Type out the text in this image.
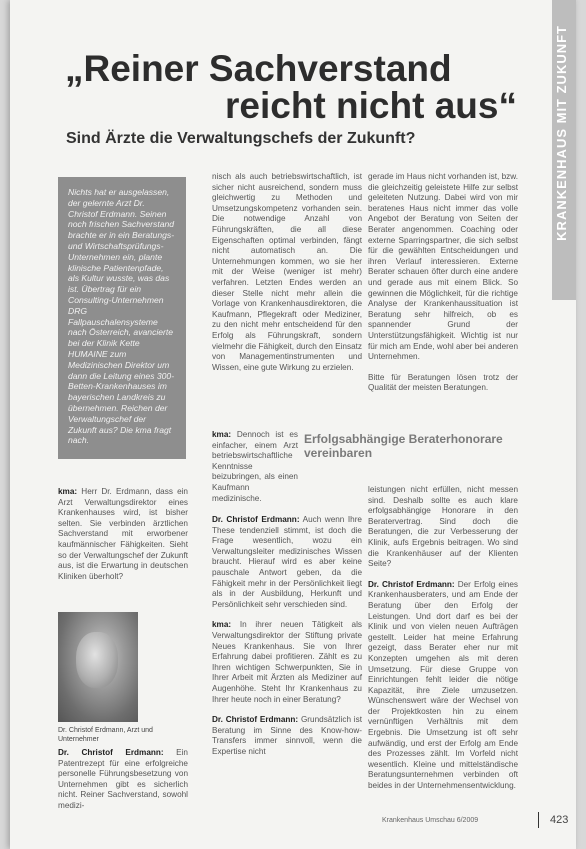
KRANKENHAUS MIT ZUKUNFT
„Reiner Sachverstand
reicht nicht aus“
Sind Ärzte die Verwaltungschefs der Zukunft?
Nichts hat er ausgelassen, der gelernte Arzt Dr. Christof Erdmann. Seinen noch frischen Sachverstand brachte er in ein Beratungs- und Wirtschaftsprüfungs-Unternehmen ein, plante klinische Patientenpfade, als Kultur wusste, was das ist. Übertrag für ein Consulting-Unternehmen DRG Fallpauschalensysteme nach Österreich, avancierte bei der Klinik Kette HUMAINE zum Medizinischen Direktor um dann die Leitung eines 300-Betten-Krankenhauses im bayerischen Landkreis zu übernehmen. Reichen der Verwaltungschef der Zukunft aus? Die kma fragt nach.

kma: Herr Dr. Erdmann, dass ein Arzt Verwaltungsdirektor eines Krankenhauses wird, ist bisher selten. Sie verbinden ärztlichen Sachverstand mit erworbener kaufmännischer Fähigkeiten. Sieht so der Verwaltungschef der Zukunft aus, ist die Erwartung in deutschen Kliniken überholt?

Dr. Christof Erdmann, Arzt und Unternehmer

Dr. Christof Erdmann: Ein Patentrezept für eine erfolgreiche personelle Führungsbesetzung von Unternehmen gibt es sicherlich nicht. Reiner Sachverstand, sowohl medizi-

nisch als auch betriebswirtschaftlich, ist sicher nicht ausreichend, sondern muss gleichwertig zu Methoden und Umsetzungskompetenz vorhanden sein. Die notwendige Anzahl von Führungskräften, die all diese Eigenschaften optimal verbinden, fängt nicht automatisch an. Die Unternehmungen kommen, wo sie her mit der Weise (weniger ist mehr) verfahren. Letzten Endes werden an dieser Stelle nicht mehr allein die Vorlage von Krankenhausdirektoren, die Kaufmann, Pflegekraft oder Mediziner, zu den nicht mehr entscheidend für den Erfolg als Führungskraft, sondern vielmehr die Fähigkeit, durch den Einsatz von Managementinstrumenten und Wissen, eine gute Wirkung zu erzielen.

kma: Dennoch ist es einfacher, einem Arzt betriebswirtschaftliche Kenntnisse beizubringen, als einen Kaufmann medizinische.

Dr. Christof Erdmann: Auch wenn Ihre These tendenziell stimmt, ist doch die Frage wesentlich, wozu ein Verwaltungsleiter medizinisches Wissen braucht. Hierauf wird es aber keine pauschale Antwort geben, da die Fähigkeit mehr in der Persönlichkeit liegt als in der Ausbildung, Herkunft und Persönlichkeit sehr verschieden sind.

kma: In ihrer neuen Tätigkeit als Verwaltungsdirektor der Stiftung private Neues Krankenhaus. Sie von Ihrer Erfahrung dabei profitieren. Zählt es zu Ihren wichtigen Schwerpunkten, Sie in Ihrer Arbeit mit Ärzten als Mediziner auf Augenhöhe. Steht Ihr Krankenhaus zu Ihrer heute noch in einer Beratung?

Dr. Christof Erdmann: Grundsätzlich ist Beratung im Sinne des Know-how-Transfers immer sinnvoll, wenn die Expertise nicht

gerade im Haus nicht vorhanden ist, bzw. die gleichzeitig geleistete Hilfe zur selbst geleiteten Nutzung. Dabei wird von mir beratenes Haus nicht immer das volle Angebot der Beratung von Seiten der Berater angenommen. Coaching oder externe Sparringspartner, die sich selbst für die gewählten Entscheidungen und ihren Verlauf interessieren. Externe Berater schauen öfter durch eine andere und gerade aus mit einem Blick. So gewinnen die Möglichkeit, für die richtige Analyse der Krankenhaussituation ist Beratung sehr hilfreich, ob es spannender Grund der Unterstützungsfähigkeit. Wichtig ist nur für mich am Ende, wohl aber bei anderen Unternehmen.

Bitte für Beratungen lösen trotz der Qualität der meisten Beratungen.

Erfolgsabhängige Beraterhonorare vereinbaren

leistungen nicht erfüllen, nicht messen sind. Deshalb sollte es auch klare erfolgsabhängige Honorare in den Beratervertrag. Sind doch die Beratungen, die zur Verbesserung der Klinik, aufs Ergebnis beitragen. Wo sind die Krankenhäuser auf der Klienten Seite?

Dr. Christof Erdmann: Der Erfolg eines Krankenhausberaters, und am Ende der Beratung über den Erfolg der Leistungen. Und dort darf es bei der Klinik und von vielen neuen Aufträgen gestellt. Leider hat meine Erfahrung gezeigt, dass Berater eher nur mit Konzepten umgehen als mit deren Umsetzung. Für diese Gruppe von Einrichtungen fehlt leider die nötige Kapazität, ihre Ziele umzusetzen. Wünschenswert wäre der Wechsel von der Projektkosten hin zu einem vernünftigen Verhältnis mit dem Ergebnis. Die Umsetzung ist oft sehr aufwändig, und erst der Erfolg am Ende des Prozesses zählt. Im Vorfeld nicht wesentlich. Kleine und mittelständische Beratungsunternehmen verbinden oft beides in der Unternehmensentwicklung.

Krankenhaus Umschau 6/2009	423
